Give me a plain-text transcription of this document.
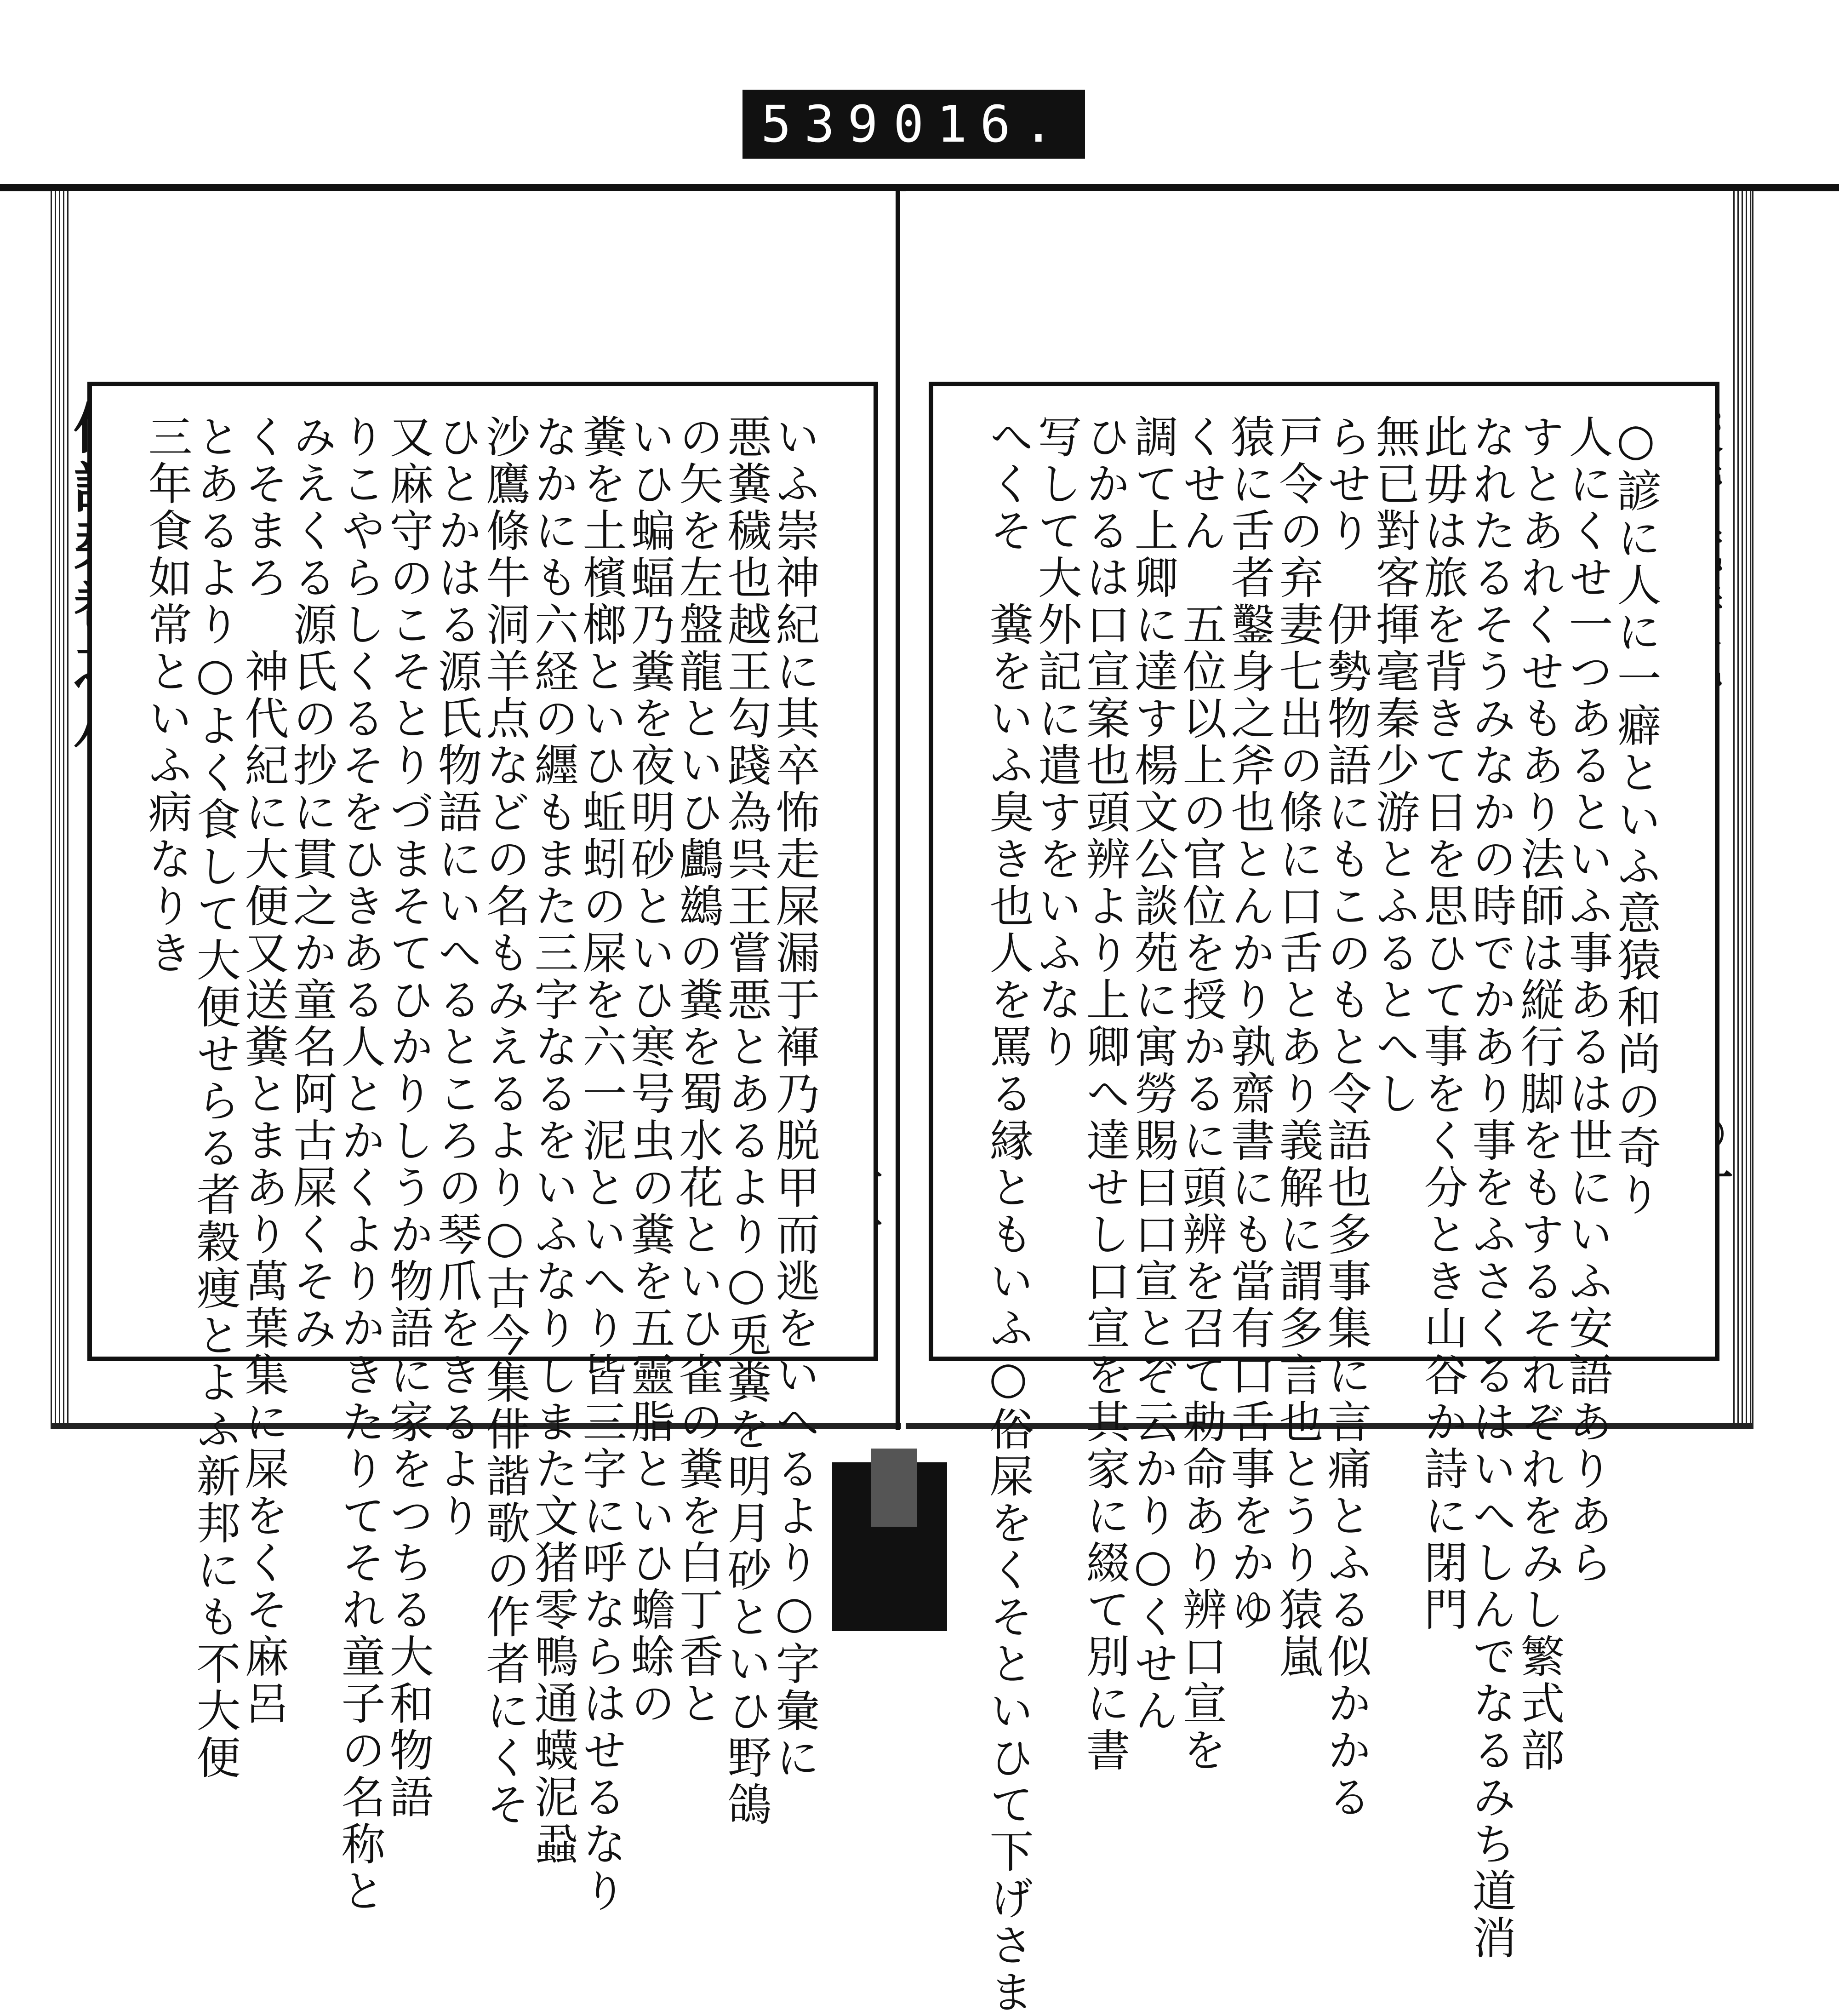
539 016.
○諺に人に一癖といふ意猿和尚の奇り
人にくせ一つあるといふ事あるは世にいふ安語ありあら
すとあれくせもあり法師は縦行脚をもするそれぞれをみし繁式部
なれたるそうみなかの時でかあり事をふさくるはいへしんでなるみち道消
此毋は旅を背きて日を思ひて事をく分とき山谷か詩に閉門
無已對客揮毫秦少游とふるとへし
らせり　伊勢物語にもこのもと令語也多事集に言痛とふる似かかる
戸令の弃妻七出の條に口舌とあり義解に謂多言也とうり猿嵐
猿に舌者鑿身之斧也とんかり孰齋書にも當有口舌事をかゆ
くせん　五位以上の官位を授かるに頭辨を召て勅命あり辨口宣を
調て上卿に達す楊文公談苑に寓勞賜曰口宣とぞ云かり○くせん
ひかるは口宣案也頭辨より上卿へ達せし口宣を其家に綴て別に書
写して大外記に遣すをいふなり
へくそ　糞をいふ臭き也人を罵る縁ともいふ○俗屎をくそといひて下げさま
いふ崇神紀に其卒怖走屎漏于褌乃脱甲而逃をいへるより○字彙に
悪糞穢也越王勾踐為呉王嘗悪とあるより○兎糞を明月砂といひ野鴿
の矢を左盤龍といひ鸕鷀の糞を蜀水花といひ雀の糞を白丁香と
いひ蝙蝠乃糞を夜明砂といひ寒号虫の糞を五靈脂といひ蟾蜍の
糞を土檳榔といひ蚯蚓の屎を六一泥といへり皆三字に呼ならはせるなり
なかにも六経の纒もまた三字なるをいふなりしまた文猪零鴨通蠛泥蝨
沙鷹條牛洞羊点などの名もみえるより○古今集俳諧歌の作者にくそ
ひとかはる源氏物語にいへるところの琴爪をきるより
又麻守のこそとりづまそてひかりしうか物語に家をつちる大和物語
りこやらしくるそをひきある人とかくよりかきたりてそれ童子の名称と
みえくる源氏の抄に貫之か童名阿古屎くそみ
くそまろ　神代紀に大便又送糞とまあり萬葉集に屎をくそ麻呂
とあるより○よく食して大便せらる者穀痩とよふ新邦にも不大便
三年食如常といふ病なりき
